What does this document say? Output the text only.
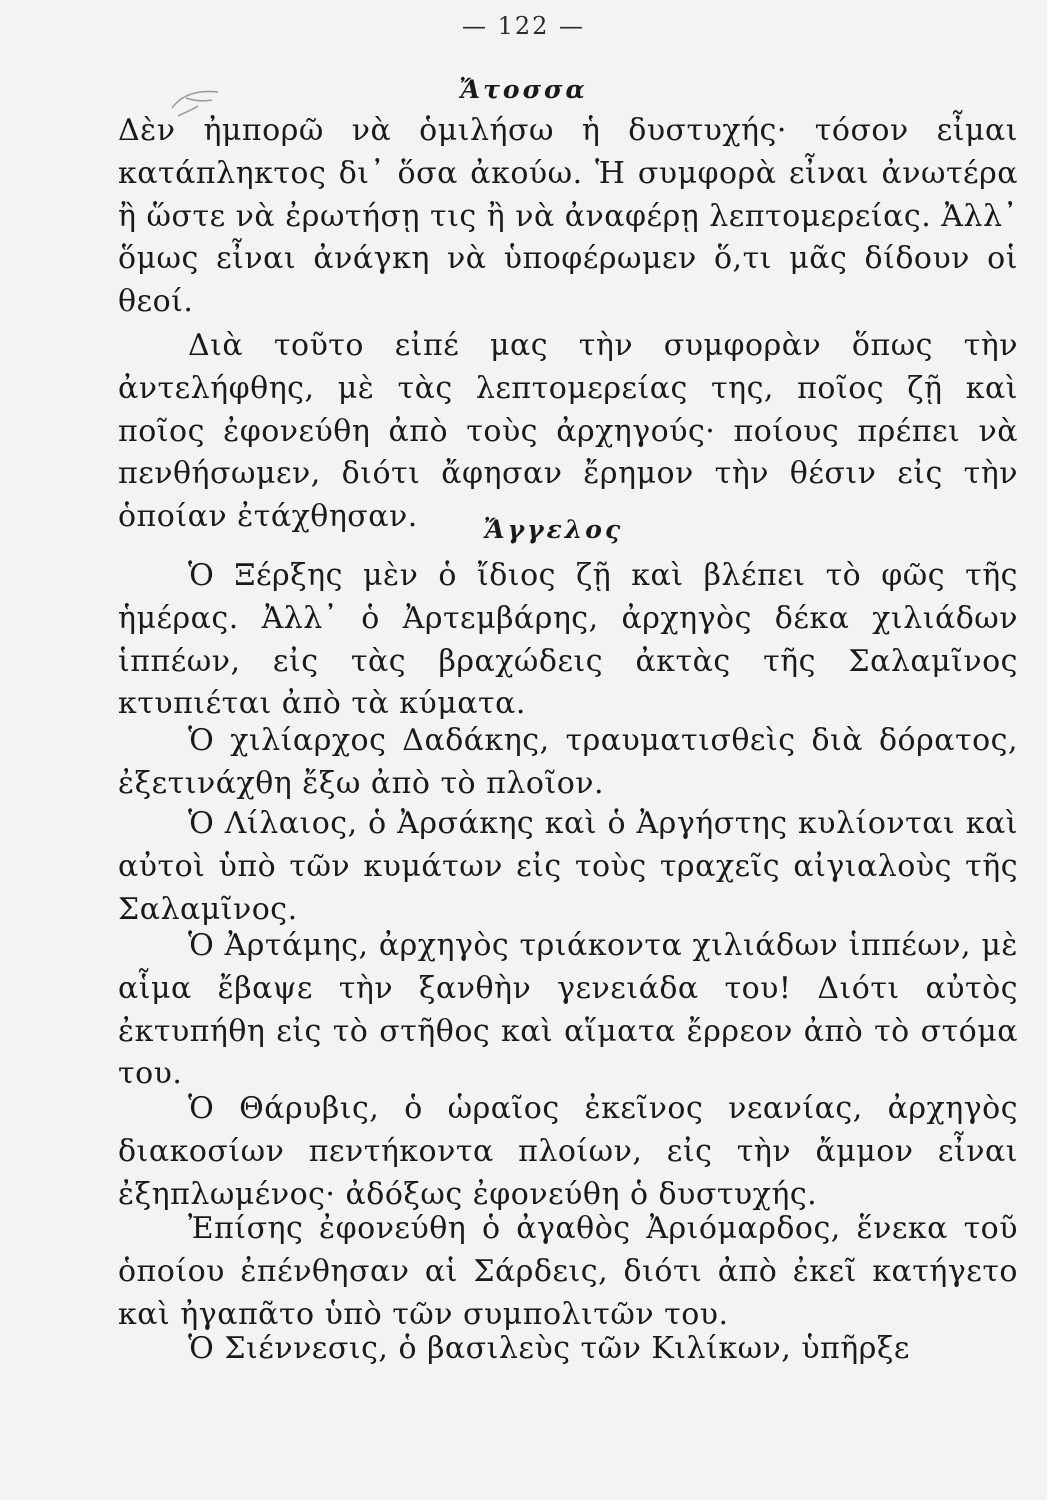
— 122 —
Ἄτοσσα

Δὲν ἠμπορῶ νὰ ὁμιλήσω ἡ δυστυχής· τόσον εἶμαι κατάπληκτος δι᾿ ὅσα ἀκούω. Ἡ συμφορὰ εἶναι ἀνωτέρα ἢ ὥστε νὰ ἐρωτήσῃ τις ἢ νὰ ἀναφέρῃ λεπτομερείας. Ἀλλ᾿ ὅμως εἶναι ἀνάγκη νὰ ὑποφέρωμεν ὅ,τι μᾶς δίδουν οἱ θεοί.

Διὰ τοῦτο εἰπέ μας τὴν συμφορὰν ὅπως τὴν ἀντελήφθης, μὲ τὰς λεπτομερείας της, ποῖος ζῇ καὶ ποῖος ἐφονεύθη ἀπὸ τοὺς ἀρχηγούς· ποίους πρέπει νὰ πενθήσωμεν, διότι ἄφησαν ἔρημον τὴν θέσιν εἰς τὴν ὁποίαν ἐτάχθησαν.	Ἄγγελος

Ὁ Ξέρξης μὲν ὁ ἴδιος ζῇ καὶ βλέπει τὸ φῶς τῆς ἡμέρας. Ἀλλ᾿ ὁ Ἀρτεμβάρης, ἀρχηγὸς δέκα χιλιάδων ἱππέων, εἰς τὰς βραχώδεις ἀκτὰς τῆς Σαλαμῖνος κτυπιέται ἀπὸ τὰ κύματα.

Ὁ χιλίαρχος Δαδάκης, τραυματισθεὶς διὰ δόρατος, ἐξετινάχθη ἔξω ἀπὸ τὸ πλοῖον.

Ὁ Λίλαιος, ὁ Ἀρσάκης καὶ ὁ Ἀργήστης κυλίονται καὶ αὐτοὶ ὑπὸ τῶν κυμάτων εἰς τοὺς τραχεῖς αἰγιαλοὺς τῆς Σαλαμῖνος.

Ὁ Ἀρτάμης, ἀρχηγὸς τριάκοντα χιλιάδων ἱππέων, μὲ αἷμα ἔβαψε τὴν ξανθὴν γενειάδα του! Διότι αὐτὸς ἐκτυπήθη εἰς τὸ στῆθος καὶ αἵματα ἔρρεον ἀπὸ τὸ στόμα του.

Ὁ Θάρυβις, ὁ ὡραῖος ἐκεῖνος νεανίας, ἀρχηγὸς διακοσίων πεντήκοντα πλοίων, εἰς τὴν ἄμμον εἶναι ἐξηπλωμένος· ἀδόξως ἐφονεύθη ὁ δυστυχής.

Ἐπίσης ἐφονεύθη ὁ ἀγαθὸς Ἀριόμαρδος, ἕνεκα τοῦ ὁποίου ἐπένθησαν αἱ Σάρδεις, διότι ἀπὸ ἐκεῖ κατήγετο καὶ ἠγαπᾶτο ὑπὸ τῶν συμπολιτῶν του.

Ὁ Σιέννεσις, ὁ βασιλεὺς τῶν Κιλίκων, ὑπῆρξε
